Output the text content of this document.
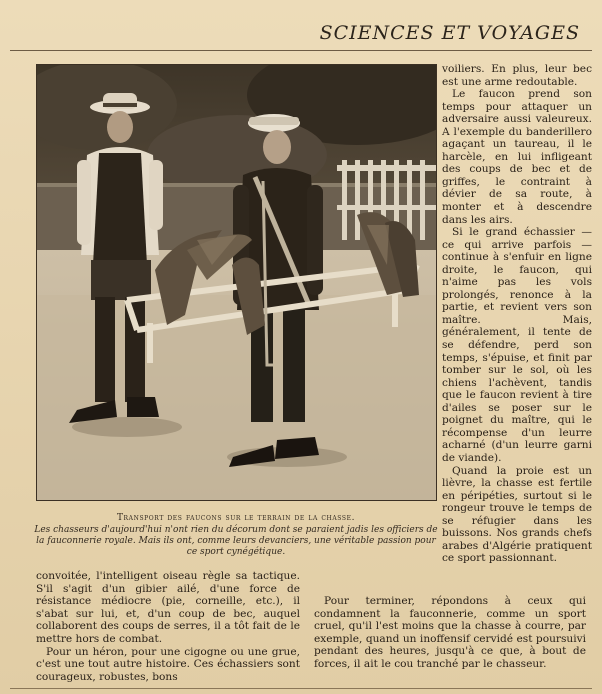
SCIENCES ET VOYAGES
Transport des faucons sur le terrain de la chasse.
Les chasseurs d'aujourd'hui n'ont rien du décorum dont se paraient jadis les officiers de la fauconnerie royale. Mais ils ont, comme leurs devanciers, une véritable passion pour ce sport cynégétique.

voiliers. En plus, leur bec est une arme redoutable.

Le faucon prend son temps pour attaquer un adversaire aussi valeureux. A l'exemple du banderillero agaçant un taureau, il le harcèle, en lui infligeant des coups de bec et de griffes, le contraint à dévier de sa route, à monter et à descendre dans les airs.

Si le grand échassier — ce qui arrive parfois — continue à s'enfuir en ligne droite, le faucon, qui n'aime pas les vols prolongés, renonce à la partie, et revient vers son maître. Mais, généralement, il tente de se défendre, perd son temps, s'épuise, et finit par tomber sur le sol, où les chiens l'achèvent, tandis que le faucon revient à tire d'ailes se poser sur le poignet du maître, qui le récompense d'un leurre acharné (d'un leurre garni de viande).

Quand la proie est un lièvre, la chasse est fertile en péripéties, surtout si le rongeur trouve le temps de se réfugier dans les buissons. Nos grands chefs arabes d'Algérie pratiquent ce sport passionnant.

convoitée, l'intelligent oiseau règle sa tactique. S'il s'agit d'un gibier ailé, d'une force de résistance médiocre (pie, corneille, etc.), il s'abat sur lui, et, d'un coup de bec, auquel collaborent des coups de serres, il a tôt fait de le mettre hors de combat.

Pour un héron, pour une cigogne ou une grue, c'est une tout autre histoire. Ces échassiers sont courageux, robustes, bons

Pour terminer, répondons à ceux qui condamnent la fauconnerie, comme un sport cruel, qu'il l'est moins que la chasse à courre, par exemple, quand un inoffensif cervidé est poursuivi pendant des heures, jusqu'à ce que, à bout de forces, il ait le cou tranché par le chasseur.
